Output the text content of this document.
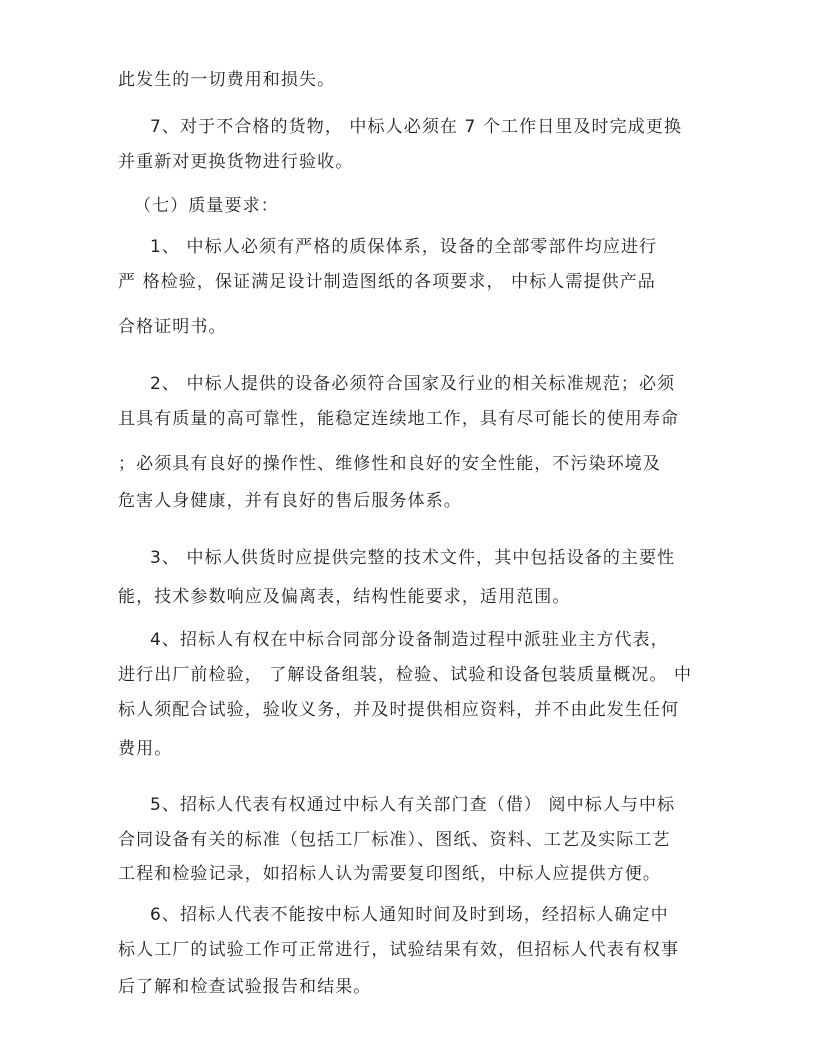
此发生的一切费用和损失。
7、对于不合格的货物， 中标人必须在 7 个工作日里及时完成更换
并重新对更换货物进行验收。
（七）质量要求：
1、 中标人必须有严格的质保体系，设备的全部零部件均应进行
严 格检验，保证满足设计制造图纸的各项要求， 中标人需提供产品
合格证明书。
2、 中标人提供的设备必须符合国家及行业的相关标准规范；必须
且具有质量的高可靠性，能稳定连续地工作，具有尽可能长的使用寿命
；必须具有良好的操作性、维修性和良好的安全性能，不污染环境及
危害人身健康，并有良好的售后服务体系。
3、 中标人供货时应提供完整的技术文件，其中包括设备的主要性
能，技术参数响应及偏离表，结构性能要求，适用范围。
4、招标人有权在中标合同部分设备制造过程中派驻业主方代表，
进行出厂前检验， 了解设备组装，检验、试验和设备包装质量概况。 中
标人须配合试验，验收义务，并及时提供相应资料，并不由此发生任何
费用。
5、招标人代表有权通过中标人有关部门查（借） 阅中标人与中标
合同设备有关的标准（包括工厂标准）、图纸、资料、工艺及实际工艺
工程和检验记录，如招标人认为需要复印图纸，中标人应提供方便。
6、招标人代表不能按中标人通知时间及时到场，经招标人确定中
标人工厂的试验工作可正常进行，试验结果有效，但招标人代表有权事
后了解和检查试验报告和结果。
